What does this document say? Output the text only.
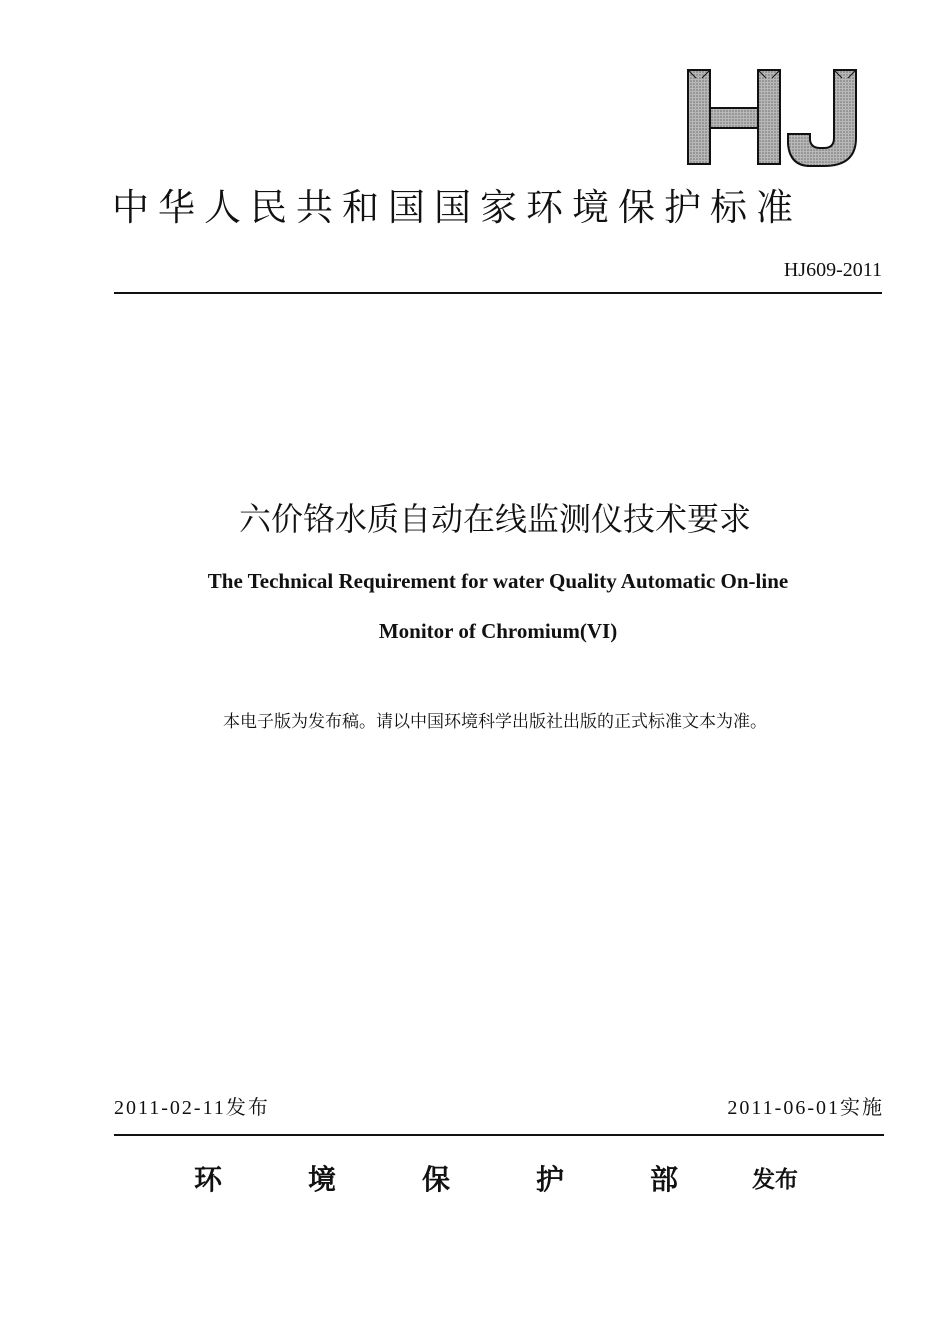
中华人民共和国国家环境保护标准
HJ609-2011
六价铬水质自动在线监测仪技术要求
The Technical Requirement for water Quality Automatic On-line
Monitor of Chromium(VI)
本电子版为发布稿。请以中国环境科学出版社出版的正式标准文本为准。
2011-02-11发布	2011-06-01实施
环	境	保	护	部	发布
